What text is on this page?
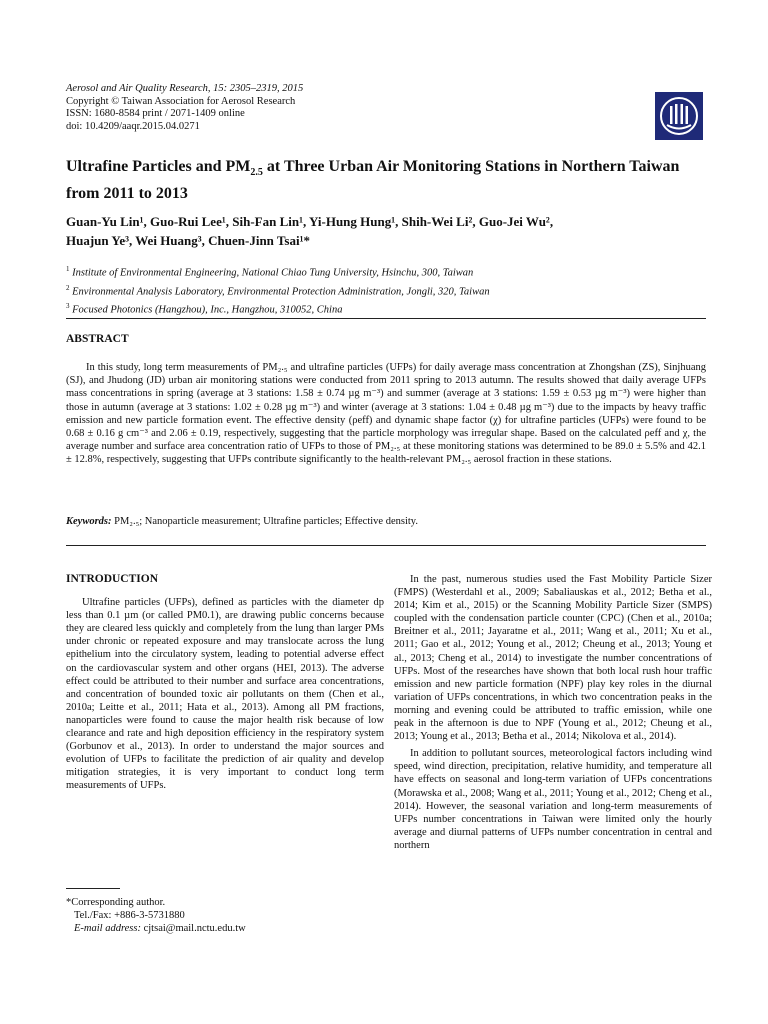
Aerosol and Air Quality Research, 15: 2305–2319, 2015
Copyright © Taiwan Association for Aerosol Research
ISSN: 1680-8584 print / 2071-1409 online
doi: 10.4209/aaqr.2015.04.0271
Ultrafine Particles and $PM_{2.5}$ at Three Urban Air Monitoring Stations in Northern Taiwan from 2011 to 2013
Guan-Yu Lin¹, Guo-Rui Lee¹, Sih-Fan Lin¹, Yi-Hung Hung¹, Shih-Wei Li², Guo-Jei Wu²,
Huajun Ye³, Wei Huang³, Chuen-Jinn Tsai¹*
$^1$ Institute of Environmental Engineering, National Chiao Tung University, Hsinchu, 300, Taiwan
$^2$ Environmental Analysis Laboratory, Environmental Protection Administration, Jongli, 320, Taiwan
$^3$ Focused Photonics (Hangzhou), Inc., Hangzhou, 310052, China
ABSTRACT

In this study, long term measurements of PM₂.₅ and ultrafine particles (UFPs) for daily average mass concentration at Zhongshan (ZS), Sinjhuang (SJ), and Jhudong (JD) urban air monitoring stations were conducted from 2011 spring to 2013 autumn. The results showed that daily average UFPs mass concentrations in spring (average at 3 stations: 1.58 ± 0.74 µg m⁻³) and summer (average at 3 stations: 1.59 ± 0.53 µg m⁻³) were higher than those in autumn (average at 3 stations: 1.02 ± 0.28 µg m⁻³) and winter (average at 3 stations: 1.04 ± 0.48 µg m⁻³) due to the impacts by heavy traffic emission and new particle formation event. The effective density (ρeff) and dynamic shape factor (χ) for ultrafine particles (UFPs) were found to be 0.68 ± 0.16 g cm⁻³ and 2.06 ± 0.19, respectively, suggesting that the particle morphology was irregular shape. Based on the calculated ρeff and χ, the average number and surface area concentration ratio of UFPs to those of PM₂.₅ at these monitoring stations was determined to be 89.0 ± 5.5% and 42.1 ± 12.8%, respectively, suggesting that UFPs contribute significantly to the health-relevant PM₂.₅ aerosol fraction in these stations.

Keywords: PM₂.₅; Nanoparticle measurement; Ultrafine particles; Effective density.
INTRODUCTION

Ultrafine particles (UFPs), defined as particles with the diameter dp less than 0.1 µm (or called PM0.1), are drawing public concerns because they are cleared less quickly and completely from the lung than larger PMs under chronic or repeated exposure and may translocate across the lung epithelium into the circulatory system, leading to potential adverse effect on the cardiovascular system and other organs (HEI, 2013). The adverse effect could be attributed to their number and surface area concentrations, and concentration of bounded toxic air pollutants on them (Chen et al., 2010a; Leitte et al., 2011; Hata et al., 2013). Among all PM fractions, nanoparticles were found to cause the major health risk because of low clearance and rate and high deposition efficiency in the respiratory system (Gorbunov et al., 2013). In order to understand the major sources and evolution of UFPs to facilitate the prediction of air quality and develop mitigation strategies, it is very important to conduct long term measurements of UFPs.

In the past, numerous studies used the Fast Mobility Particle Sizer (FMPS) (Westerdahl et al., 2009; Sabaliauskas et al., 2012; Betha et al., 2014; Kim et al., 2015) or the Scanning Mobility Particle Sizer (SMPS) coupled with the condensation particle counter (CPC) (Chen et al., 2010a; Breitner et al., 2011; Jayaratne et al., 2011; Wang et al., 2011; Xu et al., 2011; Gao et al., 2012; Young et al., 2012; Cheung et al., 2013; Young et al., 2013; Cheng et al., 2014) to investigate the number concentrations of UFPs. Most of the researches have shown that both local rush hour traffic emission and new particle formation (NPF) play key roles in the diurnal variation of UFPs concentrations, in which two concentration peaks in the morning and evening could be attributed to traffic emission, while one peak in the afternoon is due to NPF (Young et al., 2012; Cheung et al., 2013; Young et al., 2013; Betha et al., 2014; Nikolova et al., 2014).

In addition to pollutant sources, meteorological factors including wind speed, wind direction, precipitation, relative humidity, and temperature all have effects on seasonal and long-term variation of UFPs concentrations (Morawska et al., 2008; Wang et al., 2011; Young et al., 2012; Cheng et al., 2014). However, the seasonal variation and long-term measurements of UFPs number concentrations in Taiwan were limited only the hourly average and diurnal patterns of UFPs number concentration in central and northern

*Corresponding author.
Tel./Fax: +886-3-5731880
E-mail address: cjtsai@mail.nctu.edu.tw
